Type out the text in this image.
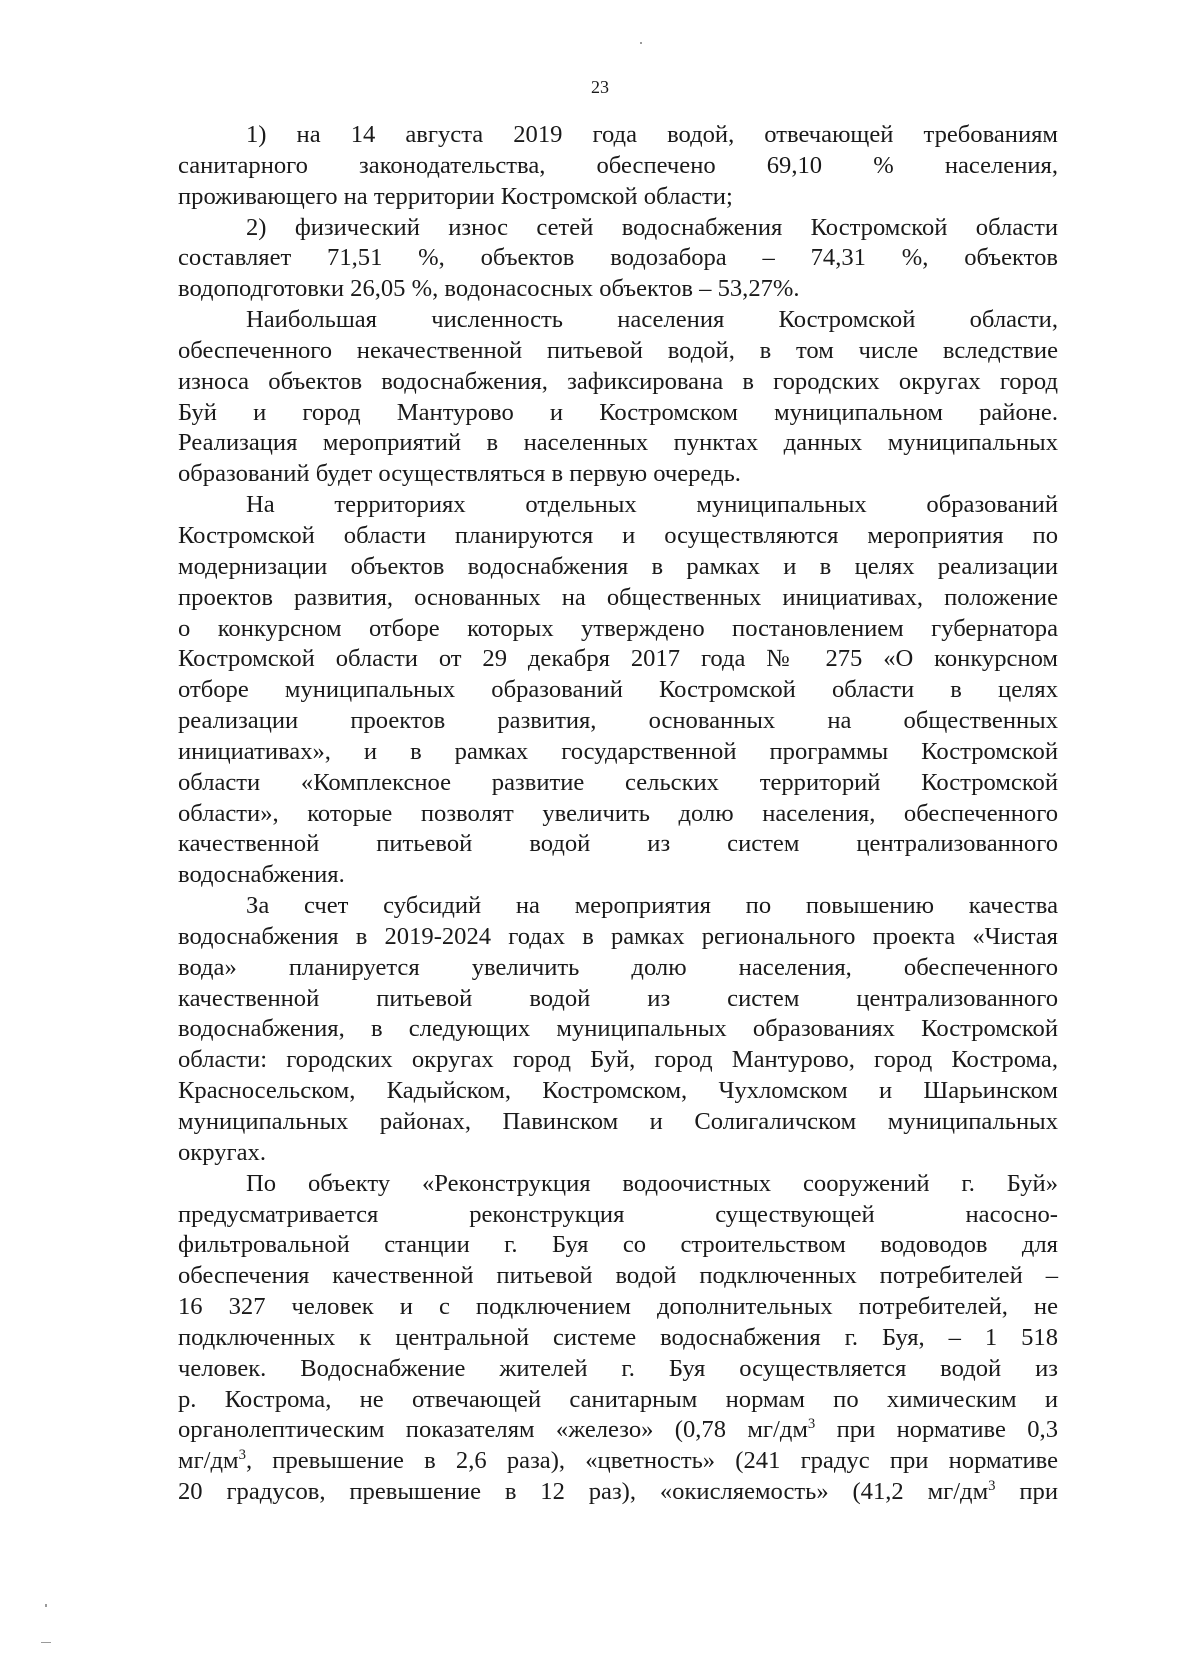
23
1) на 14 августа 2019 года водой, отвечающей требованиям
санитарного законодательства, обеспечено 69,10 % населения,
проживающего на территории Костромской области;
2) физический износ сетей водоснабжения Костромской области
составляет 71,51 %, объектов водозабора – 74,31 %, объектов
водоподготовки 26,05 %, водонасосных объектов – 53,27%.
Наибольшая численность населения Костромской области,
обеспеченного некачественной питьевой водой, в том числе вследствие
износа объектов водоснабжения, зафиксирована в городских округах город
Буй и город Мантурово и Костромском муниципальном районе.
Реализация мероприятий в населенных пунктах данных муниципальных
образований будет осуществляться в первую очередь.
На территориях отдельных муниципальных образований
Костромской области планируются и осуществляются мероприятия по
модернизации объектов водоснабжения в рамках и в целях реализации
проектов развития, основанных на общественных инициативах, положение
о конкурсном отборе которых утверждено постановлением губернатора
Костромской области от 29 декабря 2017 года № 275 «О конкурсном
отборе муниципальных образований Костромской области в целях
реализации проектов развития, основанных на общественных
инициативах», и в рамках государственной программы Костромской
области «Комплексное развитие сельских территорий Костромской
области», которые позволят увеличить долю населения, обеспеченного
качественной питьевой водой из систем централизованного
водоснабжения.
За счет субсидий на мероприятия по повышению качества
водоснабжения в 2019-2024 годах в рамках регионального проекта «Чистая
вода» планируется увеличить долю населения, обеспеченного
качественной питьевой водой из систем централизованного
водоснабжения, в следующих муниципальных образованиях Костромской
области: городских округах город Буй, город Мантурово, город Кострома,
Красносельском, Кадыйском, Костромском, Чухломском и Шарьинском
муниципальных районах, Павинском и Солигаличском муниципальных
округах.
По объекту «Реконструкция водоочистных сооружений г. Буй»
предусматривается реконструкция существующей насосно-
фильтровальной станции г. Буя со строительством водоводов для
обеспечения качественной питьевой водой подключенных потребителей –
16 327 человек и с подключением дополнительных потребителей, не
подключенных к центральной системе водоснабжения г. Буя, – 1 518
человек. Водоснабжение жителей г. Буя осуществляется водой из
р. Кострома, не отвечающей санитарным нормам по химическим и
органолептическим показателям «железо» (0,78 $мг/дм^3$ при нормативе 0,3
$мг/дм^3$, превышение в 2,6 раза), «цветность» (241 градус при нормативе
20 градусов, превышение в 12 раз), «окисляемость» (41,2 $мг/дм^3$ при
